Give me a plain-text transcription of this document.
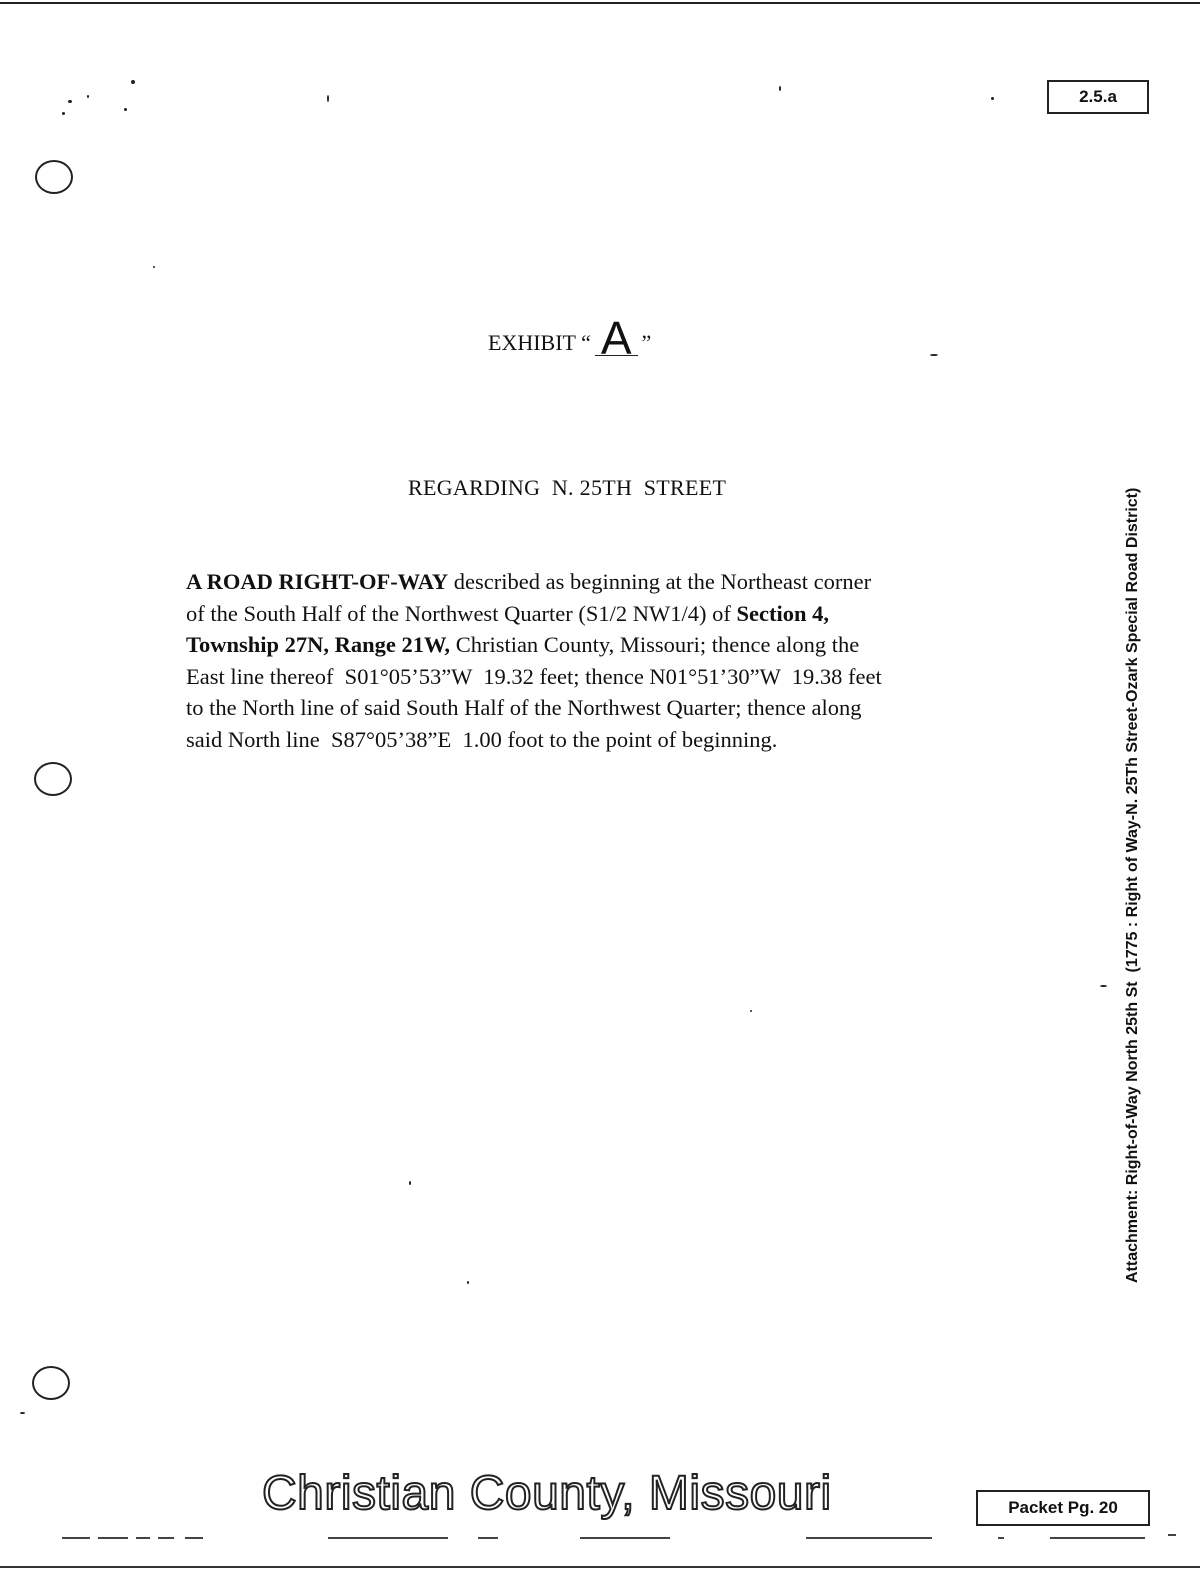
2.5.a
EXHIBIT “ A ”
REGARDING  N. 25TH  STREET
A ROAD RIGHT-OF-WAY described as beginning at the Northeast corner
of the South Half of the Northwest Quarter (S1/2 NW1/4) of Section 4,
Township 27N, Range 21W, Christian County, Missouri; thence along the
East line thereof  S01°05’53”W  19.32 feet; thence N01°51’30”W  19.38 feet
to the North line of said South Half of the Northwest Quarter; thence along
said North line  S87°05’38”E  1.00 foot to the point of beginning.	Attachment: Right-of-Way North 25th St  (1775 : Right of Way-N. 25Th Street-Ozark Special Road District)
Christian County, Missouri	Packet Pg. 20
